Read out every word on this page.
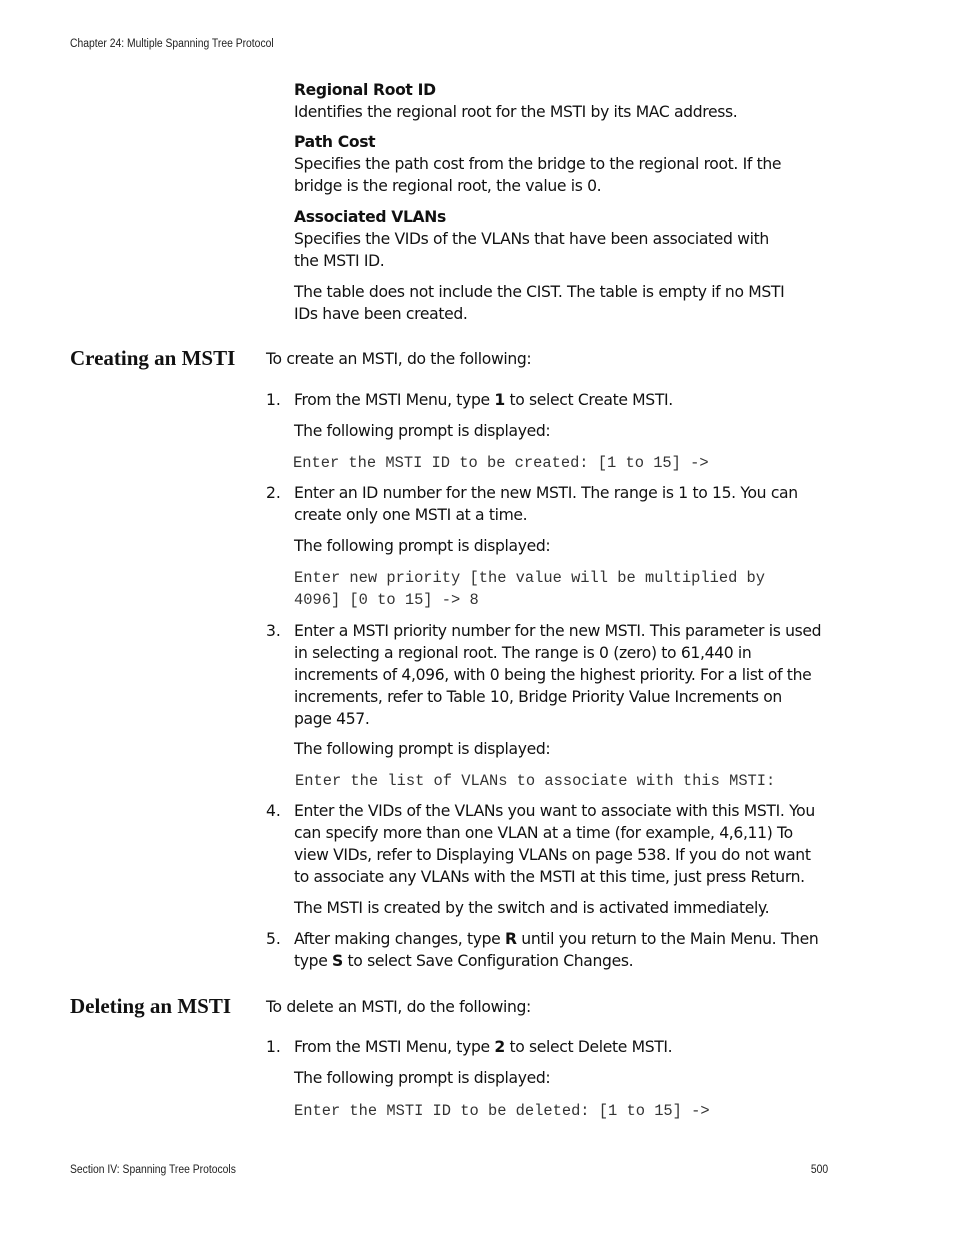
Chapter 24: Multiple Spanning Tree Protocol

Regional Root ID

Identifies the regional root for the MSTI by its MAC address.

Path Cost

Specifies the path cost from the bridge to the regional root. If the

bridge is the regional root, the value is 0.

Associated VLANs

Specifies the VIDs of the VLANs that have been associated with

the MSTI ID.

The table does not include the CIST. The table is empty if no MSTI

IDs have been created.

Creating an MSTI To create an MSTI, do the following:

1. From the MSTI Menu, type 1 to select Create MSTI.

The following prompt is displayed:

Enter the MSTI ID to be created: [1 to 15] ->

2. Enter an ID number for the new MSTI. The range is 1 to 15. You can

create only one MSTI at a time.

The following prompt is displayed:

Enter new priority [the value will be multiplied by

4096] [0 to 15] -> 8

3. Enter a MSTI priority number for the new MSTI. This parameter is used

in selecting a regional root. The range is 0 (zero) to 61,440 in

increments of 4,096, with 0 being the highest priority. For a list of the

increments, refer to Table 10, Bridge Priority Value Increments on

page 457.

The following prompt is displayed:

Enter the list of VLANs to associate with this MSTI:

4. Enter the VIDs of the VLANs you want to associate with this MSTI. You

can specify more than one VLAN at a time (for example, 4,6,11) To

view VIDs, refer to Displaying VLANs on page 538. If you do not want

to associate any VLANs with the MSTI at this time, just press Return.

The MSTI is created by the switch and is activated immediately.

5. After making changes, type R until you return to the Main Menu. Then

type S to select Save Configuration Changes.

Deleting an MSTI To delete an MSTI, do the following:

1. From the MSTI Menu, type 2 to select Delete MSTI.

The following prompt is displayed:

Enter the MSTI ID to be deleted: [1 to 15] ->

Section IV: Spanning Tree Protocols	500
